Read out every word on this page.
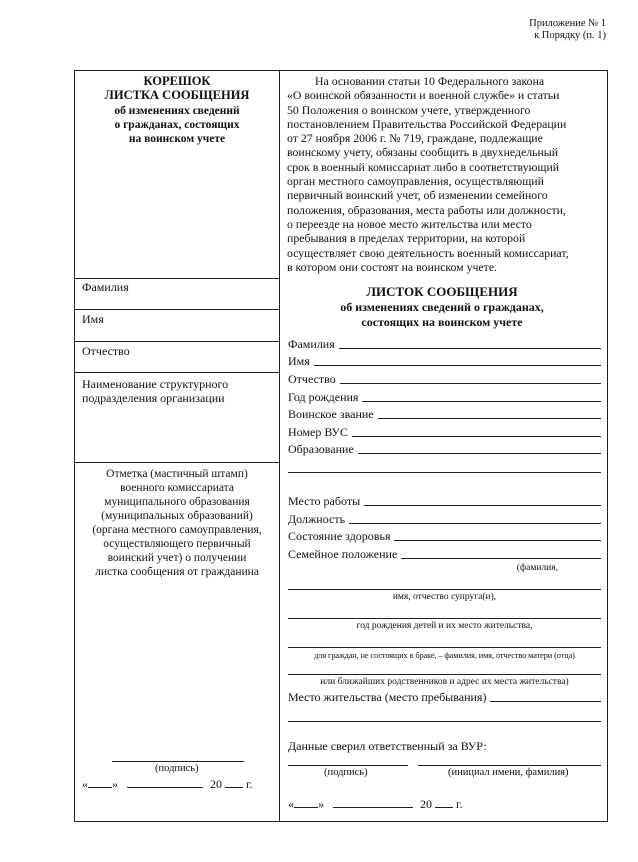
Приложение № 1
к Порядку (п. 1)
КОРЕШОК
ЛИСТКА СООБЩЕНИЯ
об изменениях сведений
о гражданах, состоящих
на воинском учете
Фамилия
Имя
Отчество
Наименование структурного
подразделения организации
Отметка (мастичный штамп)
военного комиссариата
муниципального образования
(муниципальных образований)
(органа местного самоуправления,
осуществляющего первичный
воинский учет) о получении
листка сообщения от гражданина
(подпись)
« »	20 г.
На основании статьи 10 Федерального закона
«О воинской обязанности и военной службе» и статьи
50 Положения о воинском учете, утвержденного
постановлением Правительства Российской Федерации
от 27 ноября 2006 г. № 719, граждане, подлежащие
воинскому учету, обязаны сообщить в двухнедельный
срок в военный комиссариат либо в соответствующий
орган местного самоуправления, осуществляющий
первичный воинский учет, об изменении семейного
положения, образования, места работы или должности,
о переезде на новое место жительства или место
пребывания в пределах территории, на которой
осуществляет свою деятельность военный комиссариат,
в котором они состоят на воинском учете.
ЛИСТОК СООБЩЕНИЯ
об изменениях сведений о гражданах,
состоящих на воинском учете
Фамилия
Имя
Отчество
Год рождения
Воинское звание
Номер ВУС
Образование
Место работы
Должность
Состояние здоровья
Семейное положение
(фамилия,
имя, отчество супруга(и),
год рождения детей и их место жительства,
для граждан, не состоящих в браке, – фамилия, имя, отчество матери (отца)
или ближайших родственников и адрес их места жительства)
Место жительства (место пребывания)
Данные сверил ответственный за ВУР:
(подпись)	(инициал имени, фамилия)
« »	20 г.
